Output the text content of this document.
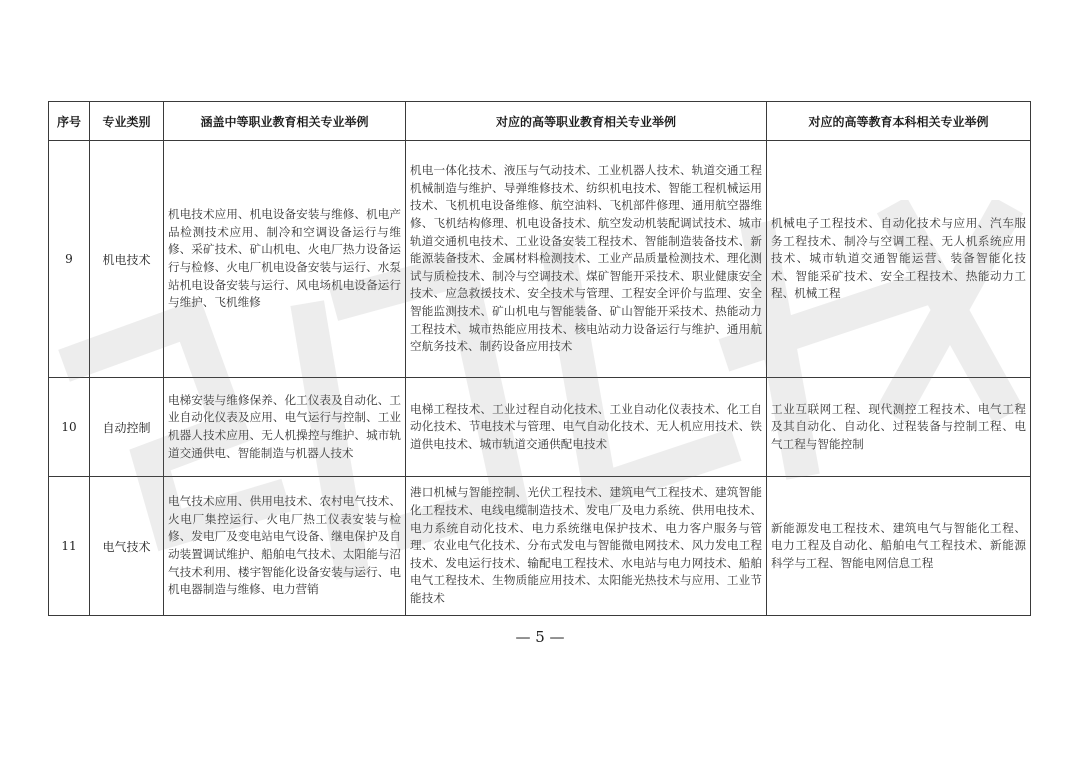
序号	专业类别	涵盖中等职业教育相关专业举例	对应的高等职业教育相关专业举例	对应的高等教育本科相关专业举例
9	机电技术	机电技术应用、机电设备安装与维修、机电产品检测技术应用、制冷和空调设备运行与维修、采矿技术、矿山机电、火电厂热力设备运行与检修、火电厂机电设备安装与运行、水泵站机电设备安装与运行、风电场机电设备运行与维护、飞机维修	机电一体化技术、液压与气动技术、工业机器人技术、轨道交通工程机械制造与维护、导弹维修技术、纺织机电技术、智能工程机械运用技术、飞机机电设备维修、航空油料、飞机部件修理、通用航空器维修、飞机结构修理、机电设备技术、航空发动机装配调试技术、城市轨道交通机电技术、工业设备安装工程技术、智能制造装备技术、新能源装备技术、金属材料检测技术、工业产品质量检测技术、理化测试与质检技术、制冷与空调技术、煤矿智能开采技术、职业健康安全技术、应急救援技术、安全技术与管理、工程安全评价与监理、安全智能监测技术、矿山机电与智能装备、矿山智能开采技术、热能动力工程技术、城市热能应用技术、核电站动力设备运行与维护、通用航空航务技术、制药设备应用技术	机械电子工程技术、自动化技术与应用、汽车服务工程技术、制冷与空调工程、无人机系统应用技术、城市轨道交通智能运营、装备智能化技术、智能采矿技术、安全工程技术、热能动力工程、机械工程
10	自动控制	电梯安装与维修保养、化工仪表及自动化、工业自动化仪表及应用、电气运行与控制、工业机器人技术应用、无人机操控与维护、城市轨道交通供电、智能制造与机器人技术	电梯工程技术、工业过程自动化技术、工业自动化仪表技术、化工自动化技术、节电技术与管理、电气自动化技术、无人机应用技术、铁道供电技术、城市轨道交通供配电技术	工业互联网工程、现代测控工程技术、电气工程及其自动化、自动化、过程装备与控制工程、电气工程与智能控制
11	电气技术	电气技术应用、供用电技术、农村电气技术、火电厂集控运行、火电厂热工仪表安装与检修、发电厂及变电站电气设备、继电保护及自动装置调试维护、船舶电气技术、太阳能与沼气技术利用、楼宇智能化设备安装与运行、电机电器制造与维修、电力营销	港口机械与智能控制、光伏工程技术、建筑电气工程技术、建筑智能化工程技术、电线电缆制造技术、发电厂及电力系统、供用电技术、电力系统自动化技术、电力系统继电保护技术、电力客户服务与管理、农业电气化技术、分布式发电与智能微电网技术、风力发电工程技术、发电运行技术、输配电工程技术、水电站与电力网技术、船舶电气工程技术、生物质能应用技术、太阳能光热技术与应用、工业节能技术	新能源发电工程技术、建筑电气与智能化工程、电力工程及自动化、船舶电气工程技术、新能源科学与工程、智能电网信息工程
— 5 —
